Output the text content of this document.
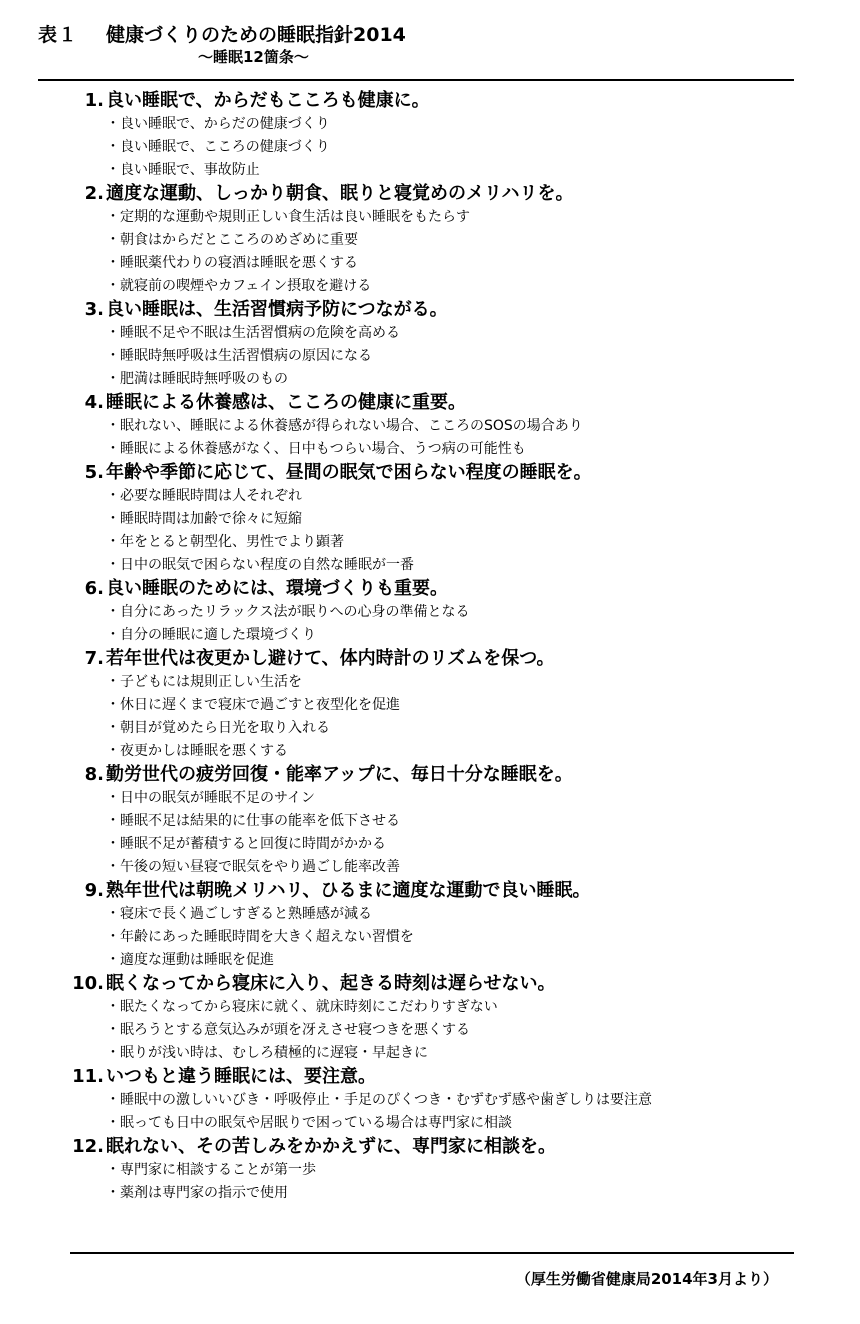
表１ 健康づくりのための睡眠指針2014
～睡眠12箇条～
1. 良い睡眠で、からだもこころも健康に。
・ 良い睡眠で、からだの健康づくり
・ 良い睡眠で、こころの健康づくり
・ 良い睡眠で、事故防止
2. 適度な運動、しっかり朝食、眠りと寝覚めのメリハリを。
・ 定期的な運動や規則正しい食生活は良い睡眠をもたらす
・ 朝食はからだとこころのめざめに重要
・ 睡眠薬代わりの寝酒は睡眠を悪くする
・ 就寝前の喫煙やカフェイン摂取を避ける
3. 良い睡眠は、生活習慣病予防につながる。
・ 睡眠不足や不眠は生活習慣病の危険を高める
・ 睡眠時無呼吸は生活習慣病の原因になる
・ 肥満は睡眠時無呼吸のもの
4. 睡眠による休養感は、こころの健康に重要。
・ 眠れない、睡眠による休養感が得られない場合、こころのSOSの場合あり
・ 睡眠による休養感がなく、日中もつらい場合、うつ病の可能性も
5. 年齢や季節に応じて、昼間の眠気で困らない程度の睡眠を。
・ 必要な睡眠時間は人それぞれ
・ 睡眠時間は加齢で徐々に短縮
・ 年をとると朝型化、男性でより顕著
・ 日中の眠気で困らない程度の自然な睡眠が一番
6. 良い睡眠のためには、環境づくりも重要。
・ 自分にあったリラックス法が眠りへの心身の準備となる
・ 自分の睡眠に適した環境づくり
7. 若年世代は夜更かし避けて、体内時計のリズムを保つ。
・ 子どもには規則正しい生活を
・ 休日に遅くまで寝床で過ごすと夜型化を促進
・ 朝目が覚めたら日光を取り入れる
・ 夜更かしは睡眠を悪くする
8. 勤労世代の疲労回復・能率アップに、毎日十分な睡眠を。
・ 日中の眠気が睡眠不足のサイン
・ 睡眠不足は結果的に仕事の能率を低下させる
・ 睡眠不足が蓄積すると回復に時間がかかる
・ 午後の短い昼寝で眠気をやり過ごし能率改善
9. 熟年世代は朝晩メリハリ、ひるまに適度な運動で良い睡眠。
・ 寝床で長く過ごしすぎると熟睡感が減る
・ 年齢にあった睡眠時間を大きく超えない習慣を
・ 適度な運動は睡眠を促進
10. 眠くなってから寝床に入り、起きる時刻は遅らせない。
・ 眠たくなってから寝床に就く、就床時刻にこだわりすぎない
・ 眠ろうとする意気込みが頭を冴えさせ寝つきを悪くする
・ 眠りが浅い時は、むしろ積極的に遅寝・早起きに
11. いつもと違う睡眠には、要注意。
・ 睡眠中の激しいいびき・呼吸停止・手足のぴくつき・むずむず感や歯ぎしりは要注意
・ 眠っても日中の眠気や居眠りで困っている場合は専門家に相談
12. 眠れない、その苦しみをかかえずに、専門家に相談を。
・ 専門家に相談することが第一歩
・ 薬剤は専門家の指示で使用
（厚生労働省健康局2014年3月より）
